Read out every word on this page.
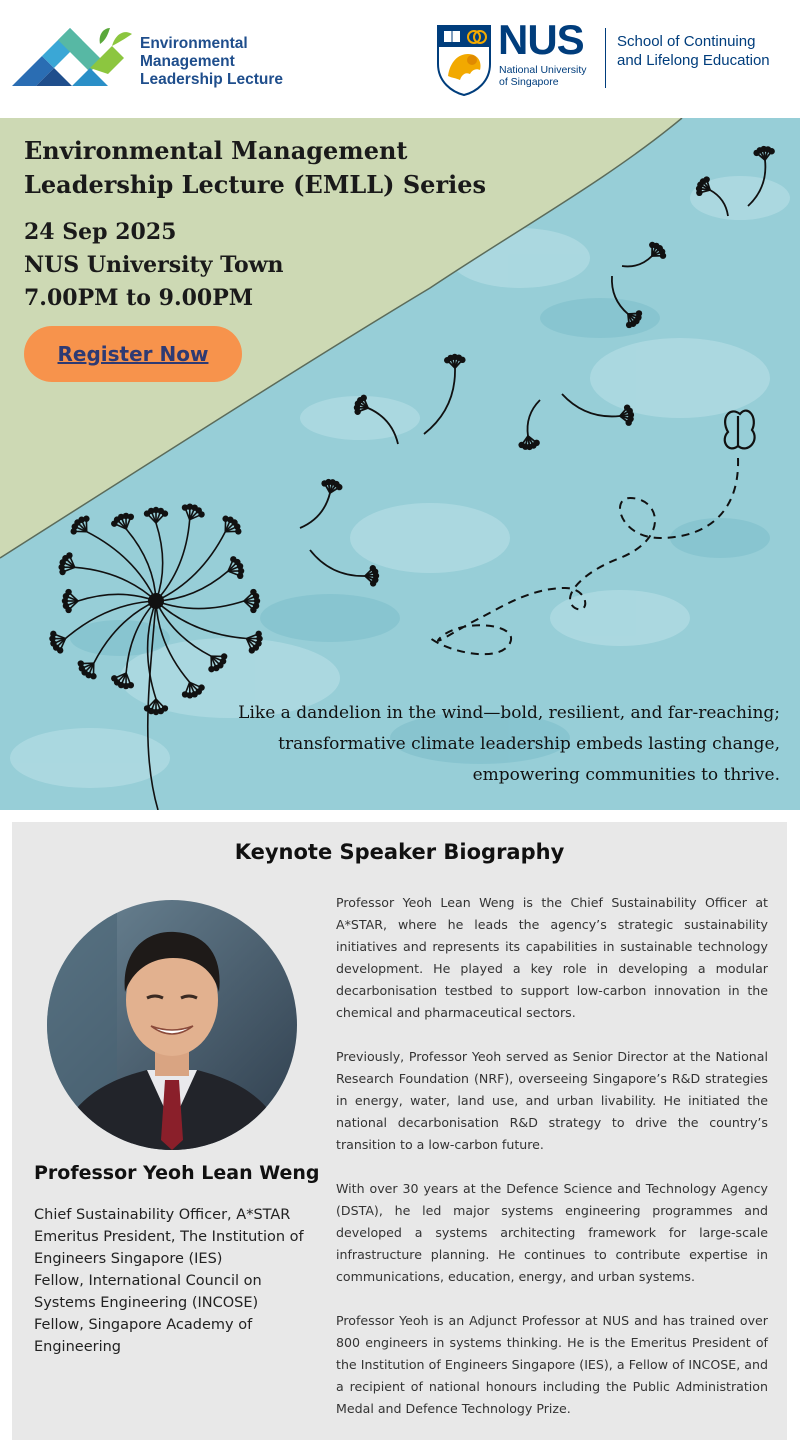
Environmental
Management
Leadership Lecture
NUS
National University
of Singapore
School of Continuing
and Lifelong Education
Environmental Management
Leadership Lecture (EMLL) Series
24 Sep 2025
NUS University Town
7.00PM to 9.00PM
Register Now
Like a dandelion in the wind—bold, resilient, and far-reaching;
transformative climate leadership embeds lasting change,
empowering communities to thrive.
Keynote Speaker Biography
Professor Yeoh Lean Weng
Chief Sustainability Officer, A*STAR
Emeritus President, The Institution of Engineers Singapore (IES)
Fellow, International Council on Systems Engineering (INCOSE)
Fellow, Singapore Academy of Engineering

Professor Yeoh Lean Weng is the Chief Sustainability Officer at A*STAR, where he leads the agency’s strategic sustainability initiatives and represents its capabilities in sustainable technology development. He played a key role in developing a modular decarbonisation testbed to support low-carbon innovation in the chemical and pharmaceutical sectors.

Previously, Professor Yeoh served as Senior Director at the National Research Foundation (NRF), overseeing Singapore’s R&D strategies in energy, water, land use, and urban livability. He initiated the national decarbonisation R&D strategy to drive the country’s transition to a low-carbon future.

With over 30 years at the Defence Science and Technology Agency (DSTA), he led major systems engineering programmes and developed a systems architecting framework for large-scale infrastructure planning. He continues to contribute expertise in communications, education, energy, and urban systems.

Professor Yeoh is an Adjunct Professor at NUS and has trained over 800 engineers in systems thinking. He is the Emeritus President of the Institution of Engineers Singapore (IES), a Fellow of INCOSE, and a recipient of national honours including the Public Administration Medal and Defence Technology Prize.
